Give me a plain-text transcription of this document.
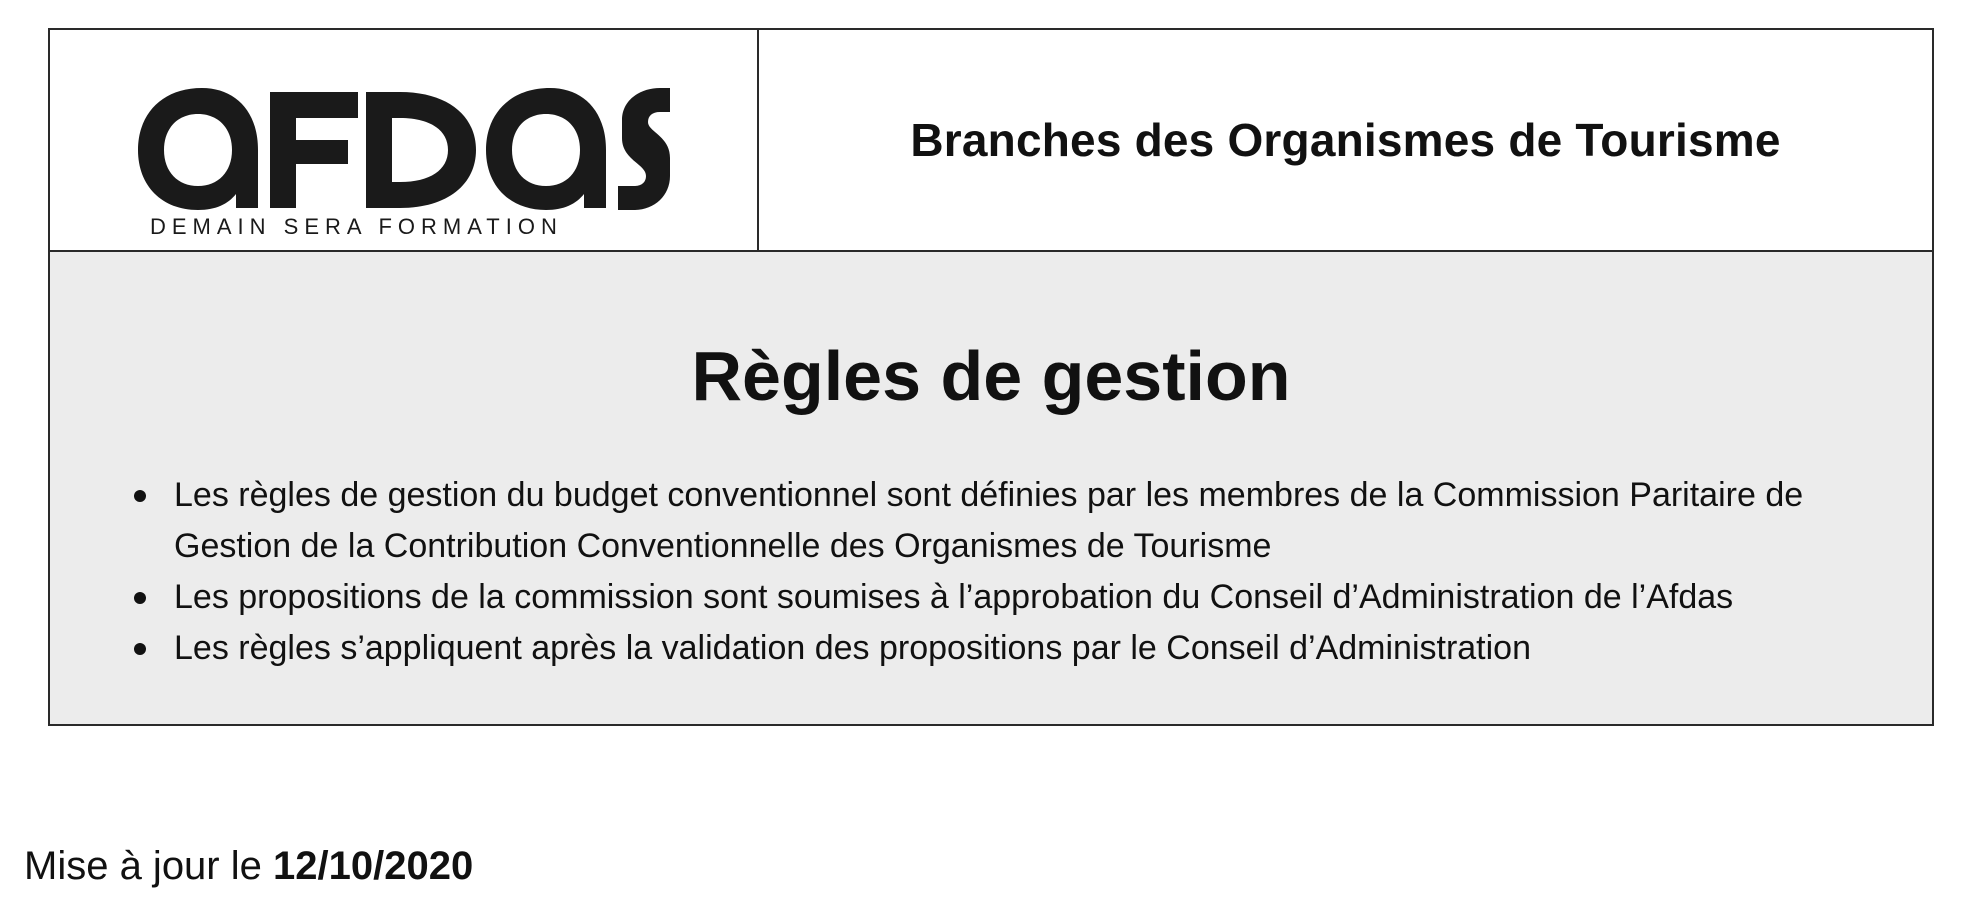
DEMAIN SERA FORMATION
Branches des Organismes de Tourisme
Règles de gestion
Les règles de gestion du budget conventionnel sont définies par les membres de la Commission Paritaire de Gestion de la Contribution Conventionnelle des Organismes de Tourisme
Les propositions de la commission sont soumises à l’approbation du Conseil d’Administration de l’Afdas
Les règles s’appliquent après la validation des propositions par le Conseil d’Administration

Mise à jour le 12/10/2020
